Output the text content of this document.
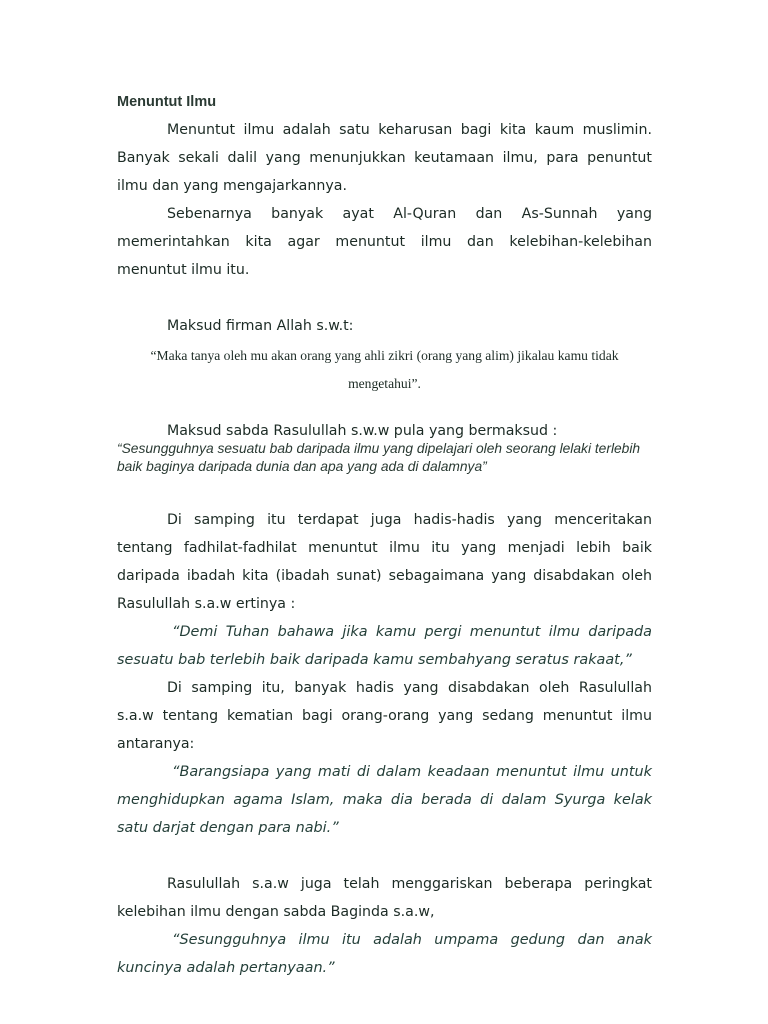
Menuntut Ilmu

Menuntut ilmu adalah satu keharusan bagi kita kaum muslimin. Banyak sekali dalil yang menunjukkan keutamaan ilmu, para penuntut ilmu dan yang mengajarkannya.

Sebenarnya banyak ayat Al-Quran dan As-Sunnah yang memerintahkan kita agar menuntut ilmu dan kelebihan-kelebihan menuntut ilmu itu.

Maksud firman Allah s.w.t:

“Maka tanya oleh mu akan orang yang ahli zikri (orang yang alim) jikalau kamu tidak mengetahui”.

Maksud sabda Rasulullah s.w.w pula yang bermaksud :

“Sesungguhnya sesuatu bab daripada ilmu yang dipelajari oleh seorang lelaki terlebih baik baginya daripada dunia dan apa yang ada di dalamnya”

Di samping itu terdapat juga hadis-hadis yang menceritakan tentang fadhilat-fadhilat menuntut ilmu itu yang menjadi lebih baik daripada ibadah kita (ibadah sunat) sebagaimana yang disabdakan oleh Rasulullah s.a.w ertinya :

“Demi Tuhan bahawa jika kamu pergi menuntut ilmu daripada sesuatu bab terlebih baik daripada kamu sembahyang seratus rakaat,”

Di samping itu, banyak hadis yang disabdakan oleh Rasulullah s.a.w tentang kematian bagi orang-orang yang sedang menuntut ilmu antaranya:

“Barangsiapa yang mati di dalam keadaan menuntut ilmu untuk menghidupkan agama Islam, maka dia berada di dalam Syurga kelak satu darjat dengan para nabi.”

Rasulullah s.a.w juga telah menggariskan beberapa peringkat kelebihan ilmu dengan sabda Baginda s.a.w,

“Sesungguhnya ilmu itu adalah umpama gedung dan anak kuncinya adalah pertanyaan.”
